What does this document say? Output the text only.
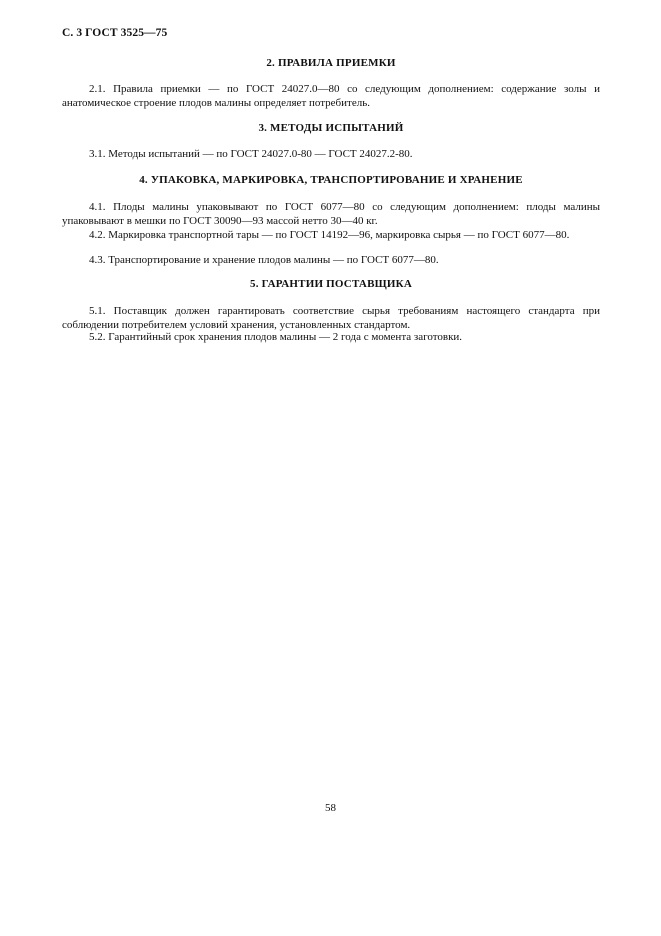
С. 3 ГОСТ 3525—75
2. ПРАВИЛА ПРИЕМКИ

2.1. Правила приемки — по ГОСТ 24027.0—80 со следующим дополнением: содержание золы и анатомическое строение плодов малины определяет потребитель.

3. МЕТОДЫ ИСПЫТАНИЙ

3.1. Методы испытаний — по ГОСТ 24027.0-80 — ГОСТ 24027.2-80.

4. УПАКОВКА, МАРКИРОВКА, ТРАНСПОРТИРОВАНИЕ И ХРАНЕНИЕ

4.1. Плоды малины упаковывают по ГОСТ 6077—80 со следующим дополнением: плоды малины упаковывают в мешки по ГОСТ 30090—93 массой нетто 30—40 кг.

4.2. Маркировка транспортной тары — по ГОСТ 14192—96, маркировка сырья — по ГОСТ 6077—80.

4.3. Транспортирование и хранение плодов малины — по ГОСТ 6077—80.

5. ГАРАНТИИ ПОСТАВЩИКА

5.1. Поставщик должен гарантировать соответствие сырья требованиям настоящего стандарта при соблюдении потребителем условий хранения, установленных стандартом.

5.2. Гарантийный срок хранения плодов малины — 2 года с момента заготовки.

58
